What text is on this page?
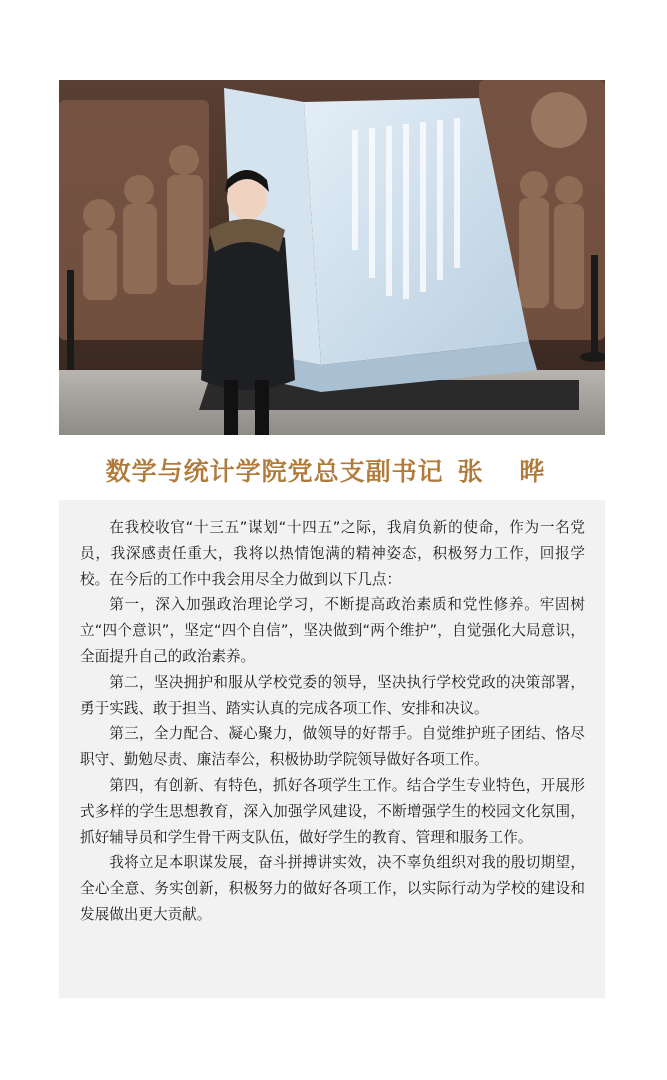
数学与统计学院党总支副书记 张 晔

在我校收官“十三五”谋划“十四五”之际，我肩负新的使命，作为一名党员，我深感责任重大，我将以热情饱满的精神姿态，积极努力工作，回报学校。在今后的工作中我会用尽全力做到以下几点：

第一，深入加强政治理论学习，不断提高政治素质和党性修养。牢固树立“四个意识”，坚定“四个自信”，坚决做到“两个维护”，自觉强化大局意识，全面提升自己的政治素养。

第二，坚决拥护和服从学校党委的领导，坚决执行学校党政的决策部署，勇于实践、敢于担当、踏实认真的完成各项工作、安排和决议。

第三，全力配合、凝心聚力，做领导的好帮手。自觉维护班子团结、恪尽职守、勤勉尽责、廉洁奉公，积极协助学院领导做好各项工作。

第四，有创新、有特色，抓好各项学生工作。结合学生专业特色，开展形式多样的学生思想教育，深入加强学风建设，不断增强学生的校园文化氛围，抓好辅导员和学生骨干两支队伍，做好学生的教育、管理和服务工作。

我将立足本职谋发展，奋斗拼搏讲实效，决不辜负组织对我的殷切期望，全心全意、务实创新，积极努力的做好各项工作，以实际行动为学校的建设和发展做出更大贡献。
